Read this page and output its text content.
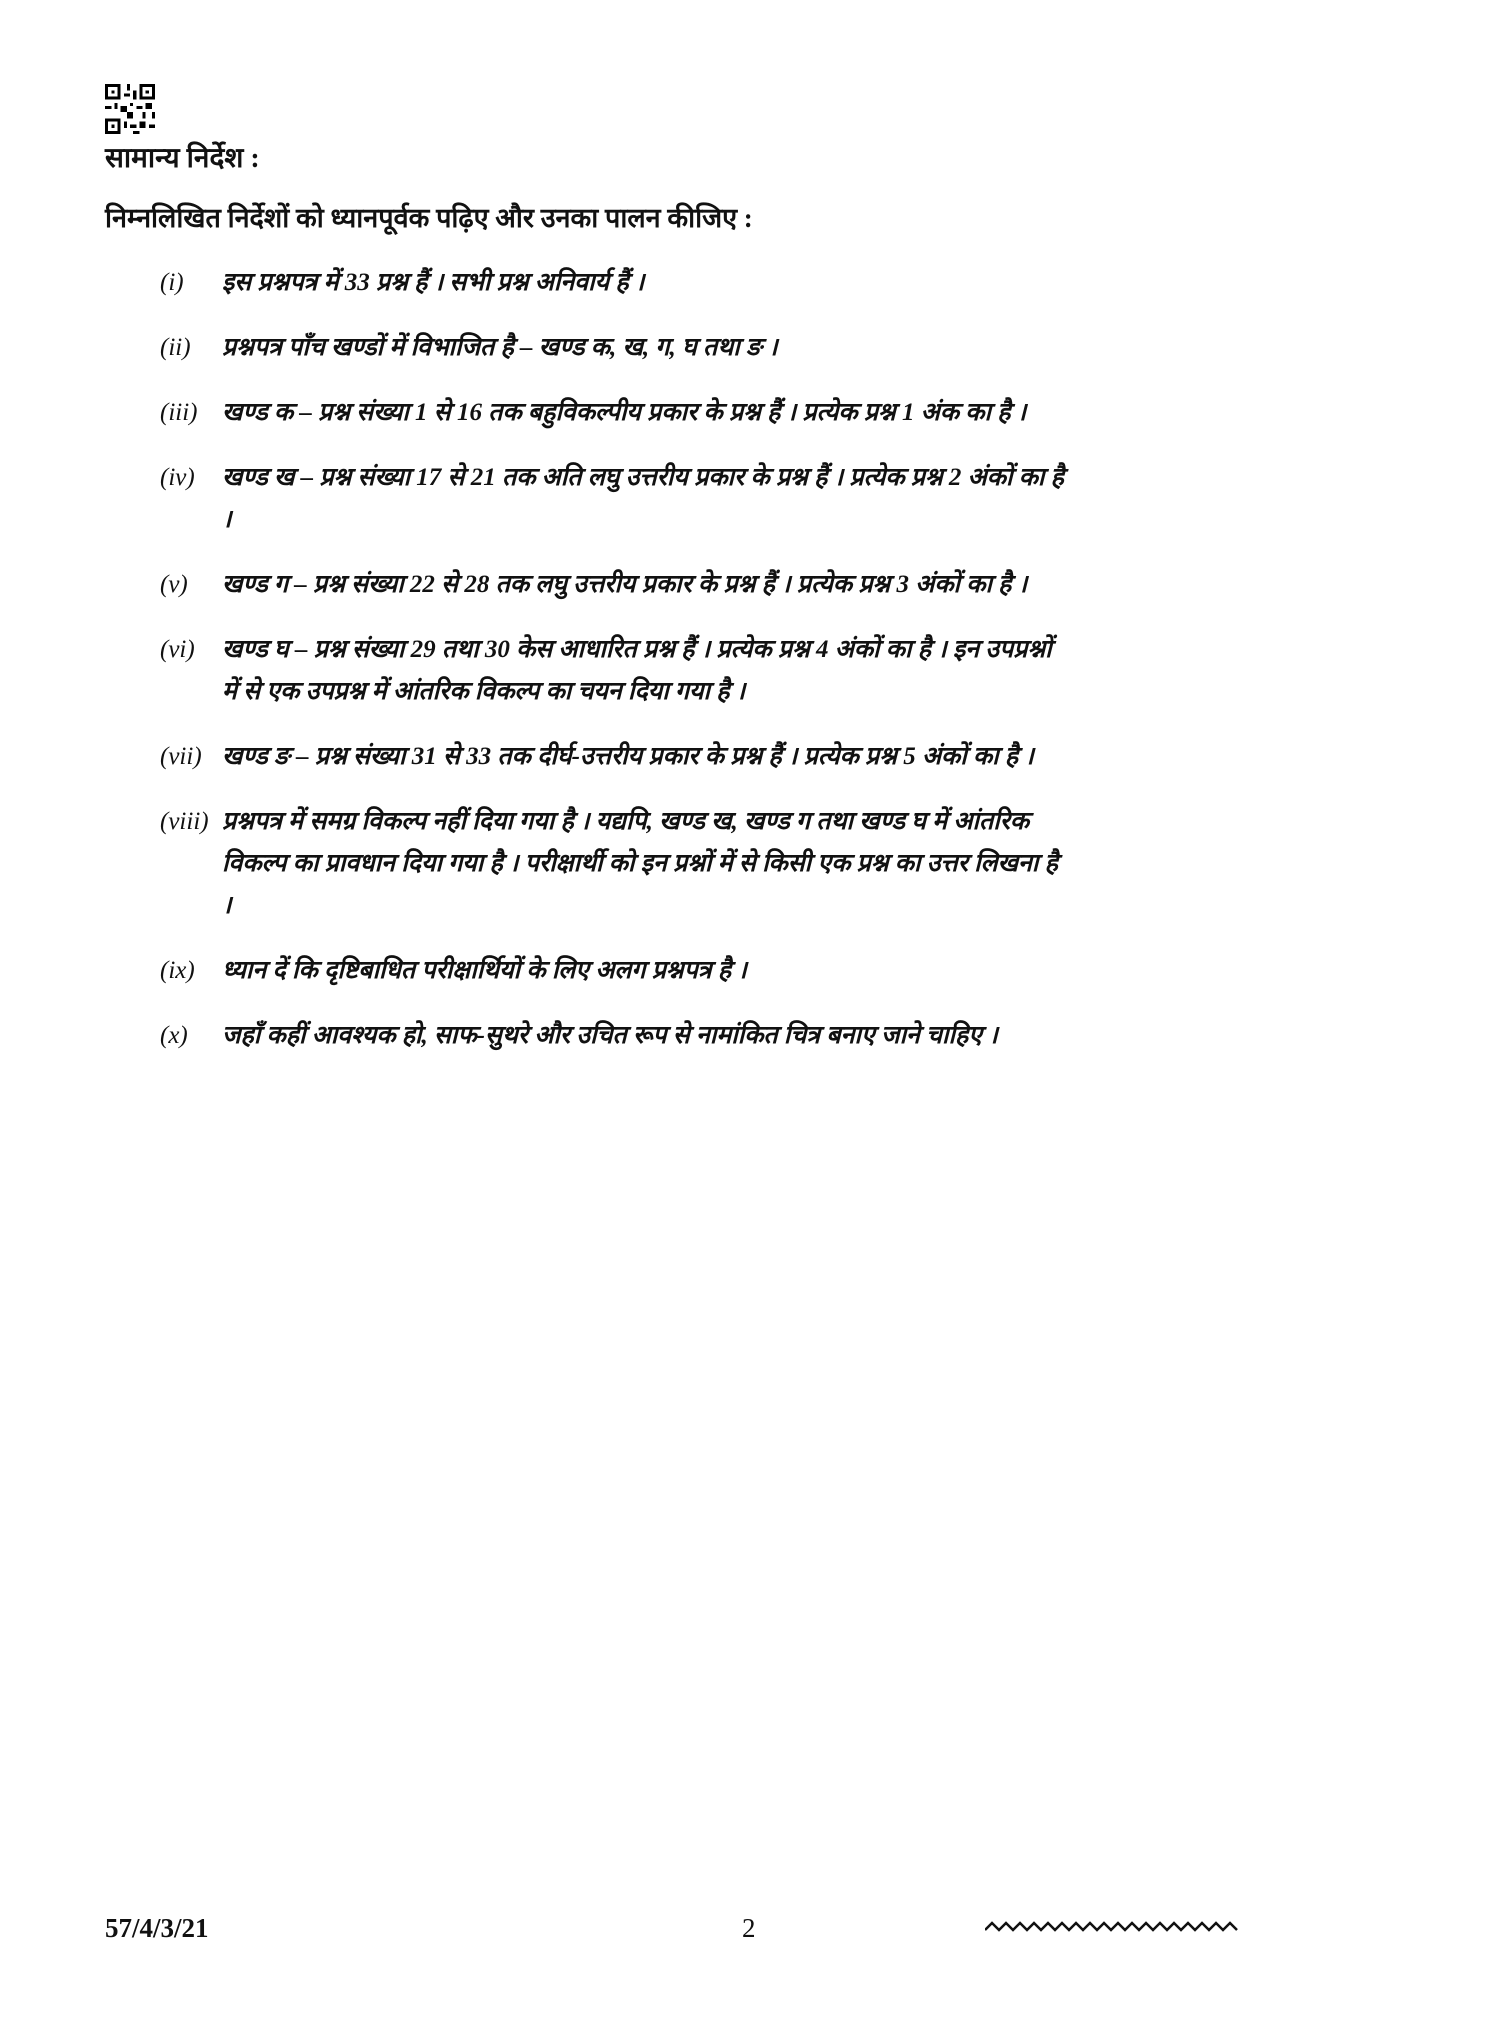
सामान्य निर्देश :

निम्नलिखित निर्देशों को ध्यानपूर्वक पढ़िए और उनका पालन कीजिए :

(i)	इस प्रश्नपत्र में 33 प्रश्न हैं । सभी प्रश्न अनिवार्य हैं ।
(ii)	प्रश्नपत्र पाँच खण्डों में विभाजित है – खण्ड क, ख, ग, घ तथा ङ ।
(iii) खण्ड क – प्रश्न संख्या 1 से 16 तक बहुविकल्पीय प्रकार के प्रश्न हैं । प्रत्येक प्रश्न 1 अंक का है ।
(iv)	खण्ड ख – प्रश्न संख्या 17 से 21 तक अति लघु उत्तरीय प्रकार के प्रश्न हैं । प्रत्येक प्रश्न 2 अंकों का है ।
(v)	खण्ड ग – प्रश्न संख्या 22 से 28 तक लघु उत्तरीय प्रकार के प्रश्न हैं । प्रत्येक प्रश्न 3 अंकों का है ।
(vi)	खण्ड घ – प्रश्न संख्या 29 तथा 30 केस आधारित प्रश्न हैं । प्रत्येक प्रश्न 4 अंकों का है । इन उपप्रश्नों में से एक उपप्रश्न में आंतरिक विकल्प का चयन दिया गया है ।
(vii) खण्ड ङ – प्रश्न संख्या 31 से 33 तक दीर्घ-उत्तरीय प्रकार के प्रश्न हैं । प्रत्येक प्रश्न 5 अंकों का है ।
(viii) प्रश्नपत्र में समग्र विकल्प नहीं दिया गया है । यद्यपि, खण्ड ख, खण्ड ग तथा खण्ड घ में आंतरिक विकल्प का प्रावधान दिया गया है । परीक्षार्थी को इन प्रश्नों में से किसी एक प्रश्न का उत्तर लिखना है ।
(ix)	ध्यान दें कि दृष्टिबाधित परीक्षार्थियों के लिए अलग प्रश्नपत्र है ।
(x)	जहाँ कहीं आवश्यक हो, साफ-सुथरे और उचित रूप से नामांकित चित्र बनाए जाने चाहिए ।
57/4/3/21	2
